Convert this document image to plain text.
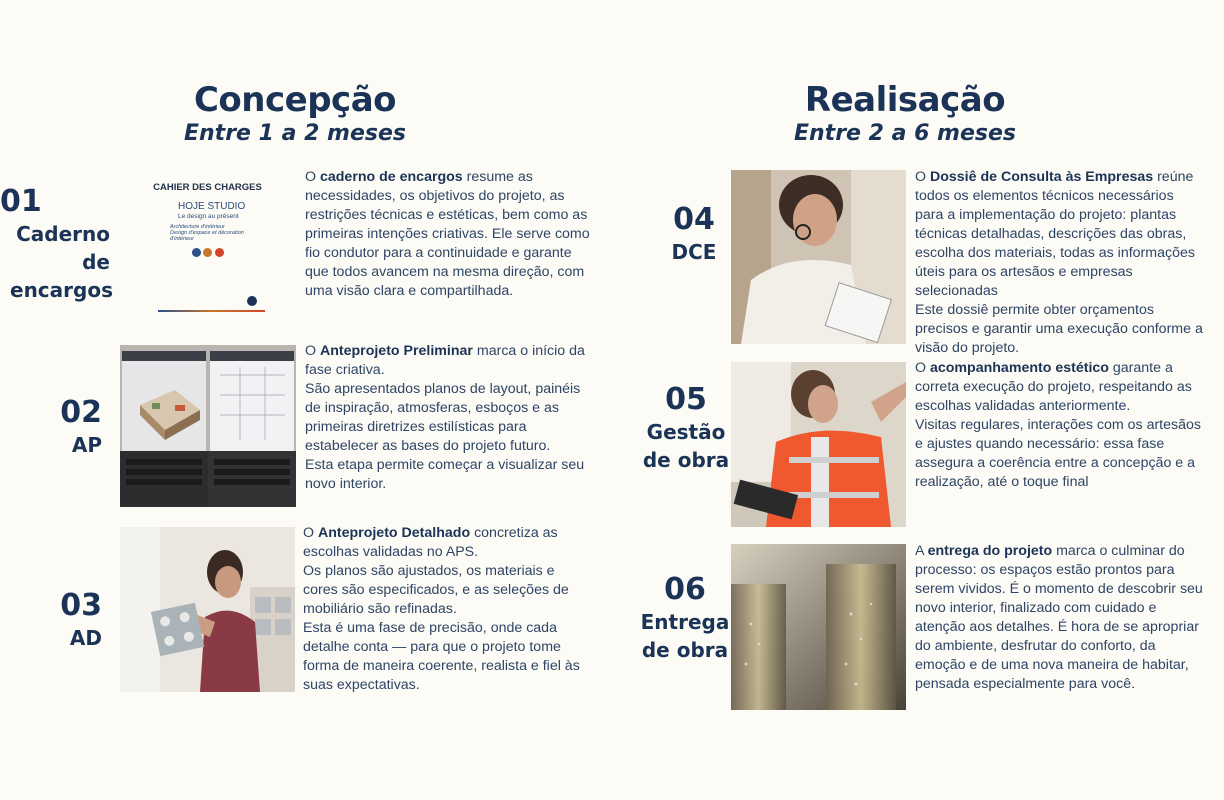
Concepção
Entre 1 a 2 meses
Realisação
Entre 2 a 6 meses
01
Caderno
de
encargos
CAHIER DES CHARGES
HOJE STUDIO
Le design au présent
Architecture d'intérieur
Design d'espace et décoration
d'intérieur

O caderno de encargos resume as necessidades, os objetivos do projeto, as restrições técnicas e estéticas, bem como as primeiras intenções criativas. Ele serve como fio condutor para a continuidade e garante que todos avancem na mesma direção, com uma visão clara e compartilhada.

02
AP

O Anteprojeto Preliminar marca o início da fase criativa.

São apresentados planos de layout, painéis de inspiração, atmosferas, esboços e as primeiras diretrizes estilísticas para estabelecer as bases do projeto futuro.

Esta etapa permite começar a visualizar seu novo interior.

03
AD

O Anteprojeto Detalhado concretiza as escolhas validadas no APS.

Os planos são ajustados, os materiais e cores são especificados, e as seleções de mobiliário são refinadas.

Esta é uma fase de precisão, onde cada detalhe conta — para que o projeto tome forma de maneira coerente, realista e fiel às suas expectativas.

04
DCE

O Dossiê de Consulta às Empresas reúne todos os elementos técnicos necessários para a implementação do projeto: plantas técnicas detalhadas, descrições das obras, escolha dos materiais, todas as informações úteis para os artesãos e empresas selecionadas

Este dossiê permite obter orçamentos precisos e garantir uma execução conforme a visão do projeto.

05
Gestão
de obra

O acompanhamento estético garante a correta execução do projeto, respeitando as escolhas validadas anteriormente.

Visitas regulares, interações com os artesãos e ajustes quando necessário: essa fase assegura a coerência entre a concepção e a realização, até o toque final

06
Entrega
de obra

A entrega do projeto marca o culminar do processo: os espaços estão prontos para serem vividos. É o momento de descobrir seu novo interior, finalizado com cuidado e atenção aos detalhes. É hora de se apropriar do ambiente, desfrutar do conforto, da emoção e de uma nova maneira de habitar, pensada especialmente para você.
